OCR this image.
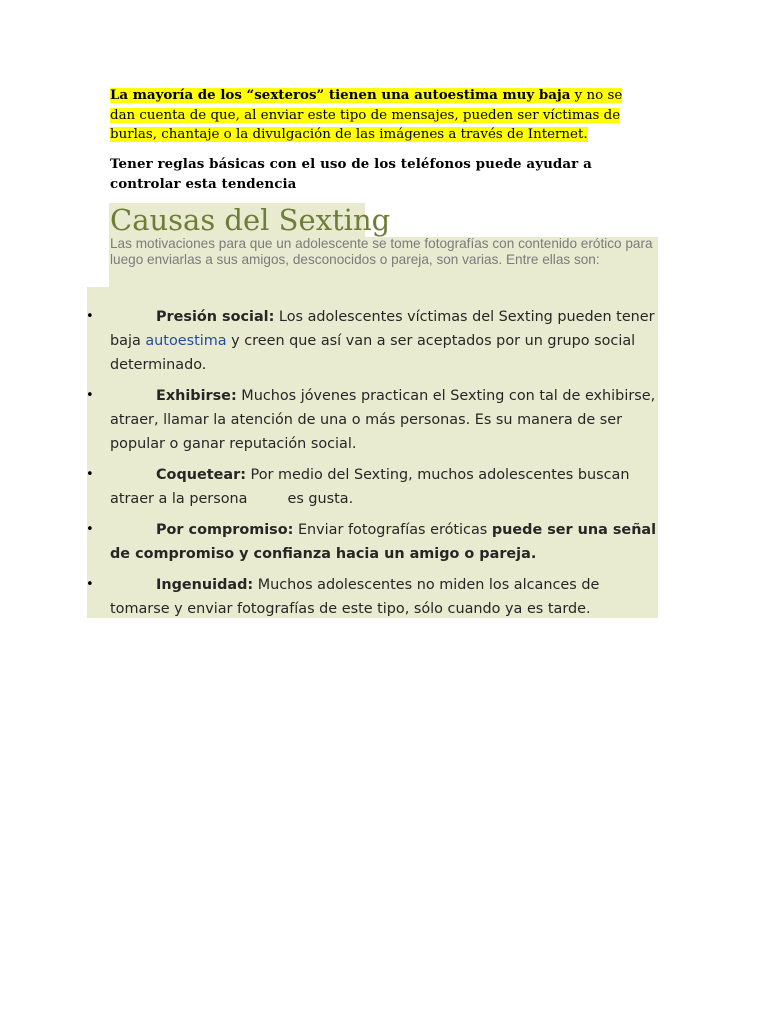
La mayoría de los “sexteros” tienen una autoestima muy baja y no se dan cuenta de que, al enviar este tipo de mensajes, pueden ser víctimas de burlas, chantaje o la divulgación de las imágenes a través de Internet.

Tener reglas básicas con el uso de los teléfonos puede ayudar a controlar esta tendencia

Causas del Sexting

Las motivaciones para que un adolescente se tome fotografías con contenido erótico para luego enviarlas a sus amigos, desconocidos o pareja, son varias. Entre ellas son:

•	Presión social: Los adolescentes víctimas del Sexting pueden tener baja autoestima y creen que así van a ser aceptados por un grupo social determinado.
•	Exhibirse: Muchos jóvenes practican el Sexting con tal de exhibirse, atraer, llamar la atención de una o más personas. Es su manera de ser popular o ganar reputación social.
•	Coquetear: Por medio del Sexting, muchos adolescentes buscan atraer a la persona	es gusta.
•	Por compromiso: Enviar fotografías eróticas puede ser una señal de compromiso y confianza hacia un amigo o pareja.
•	Ingenuidad: Muchos adolescentes no miden los alcances de tomarse y enviar fotografías de este tipo, sólo cuando ya es tarde.
